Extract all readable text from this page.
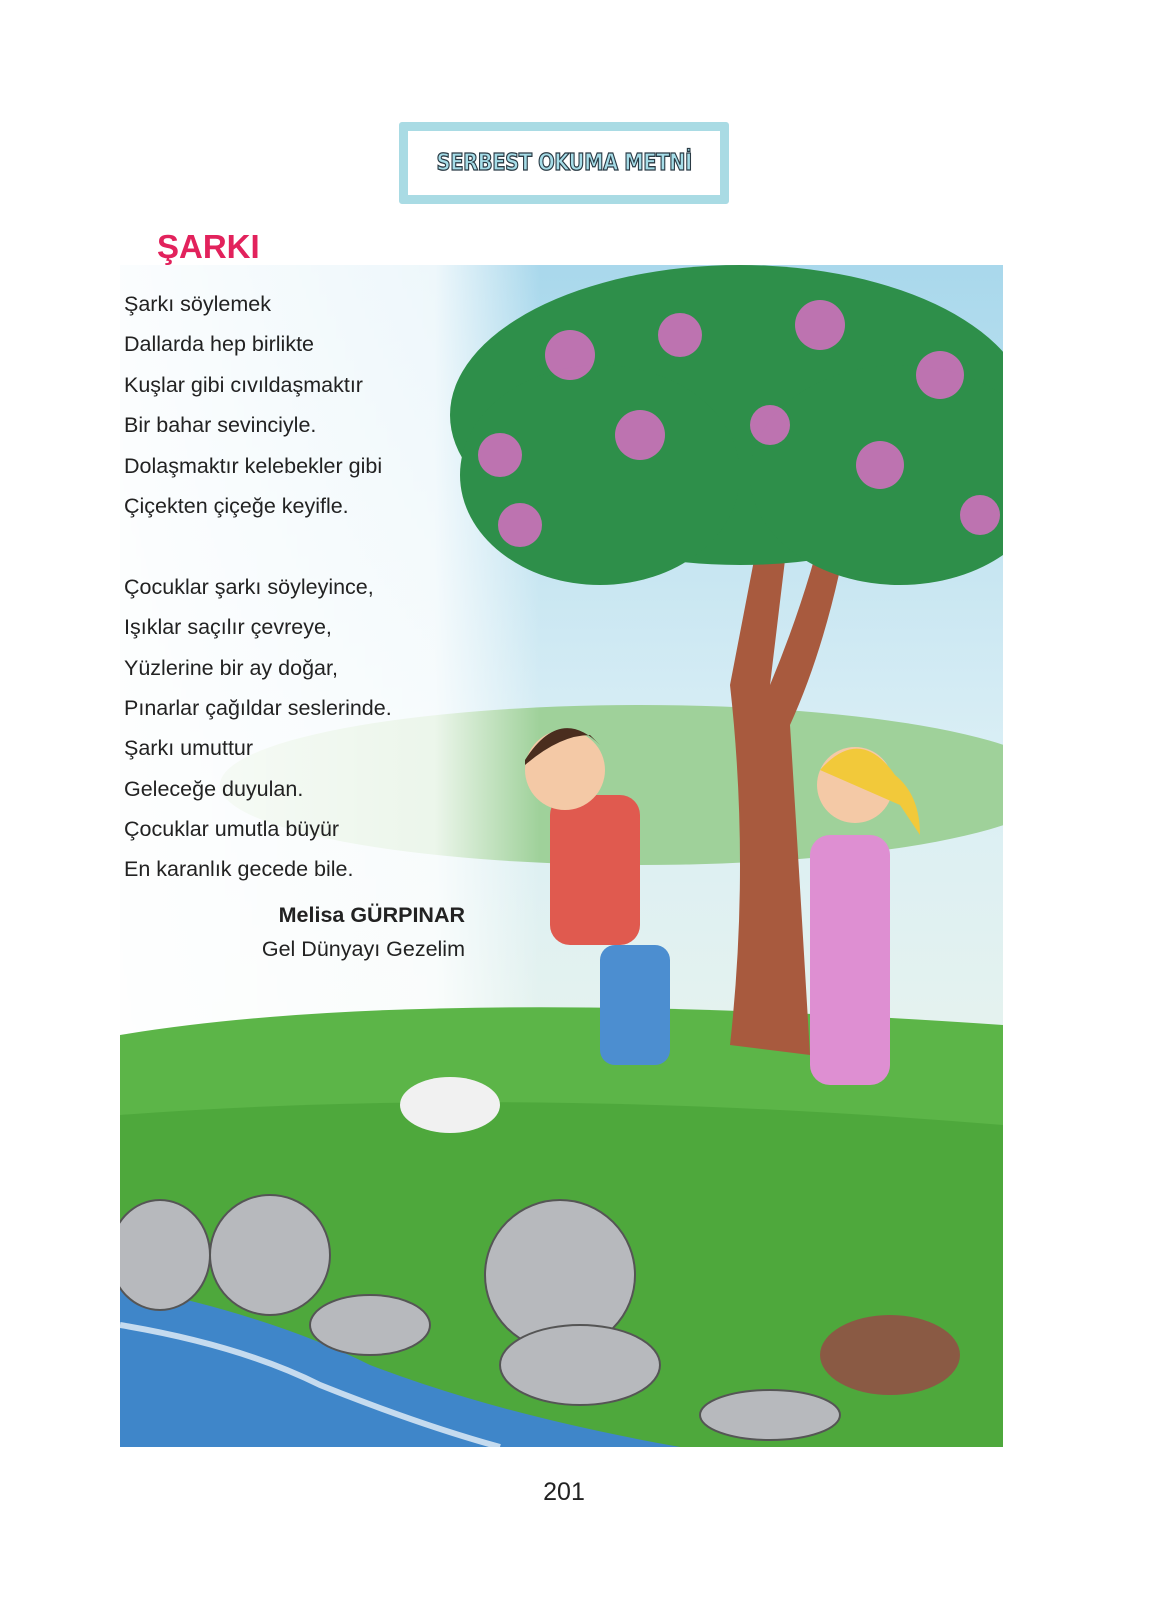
SERBEST OKUMA METNİ
ŞARKI
Şarkı söylemek
Dallarda hep birlikte
Kuşlar gibi cıvıldaşmaktır
Bir bahar sevinciyle.
Dolaşmaktır kelebekler gibi
Çiçekten çiçeğe keyifle.
Çocuklar şarkı söyleyince,
Işıklar saçılır çevreye,
Yüzlerine bir ay doğar,
Pınarlar çağıldar seslerinde.
Şarkı umuttur
Geleceğe duyulan.
Çocuklar umutla büyür
En karanlık gecede bile.
Melisa GÜRPINAR
Gel Dünyayı Gezelim
201
